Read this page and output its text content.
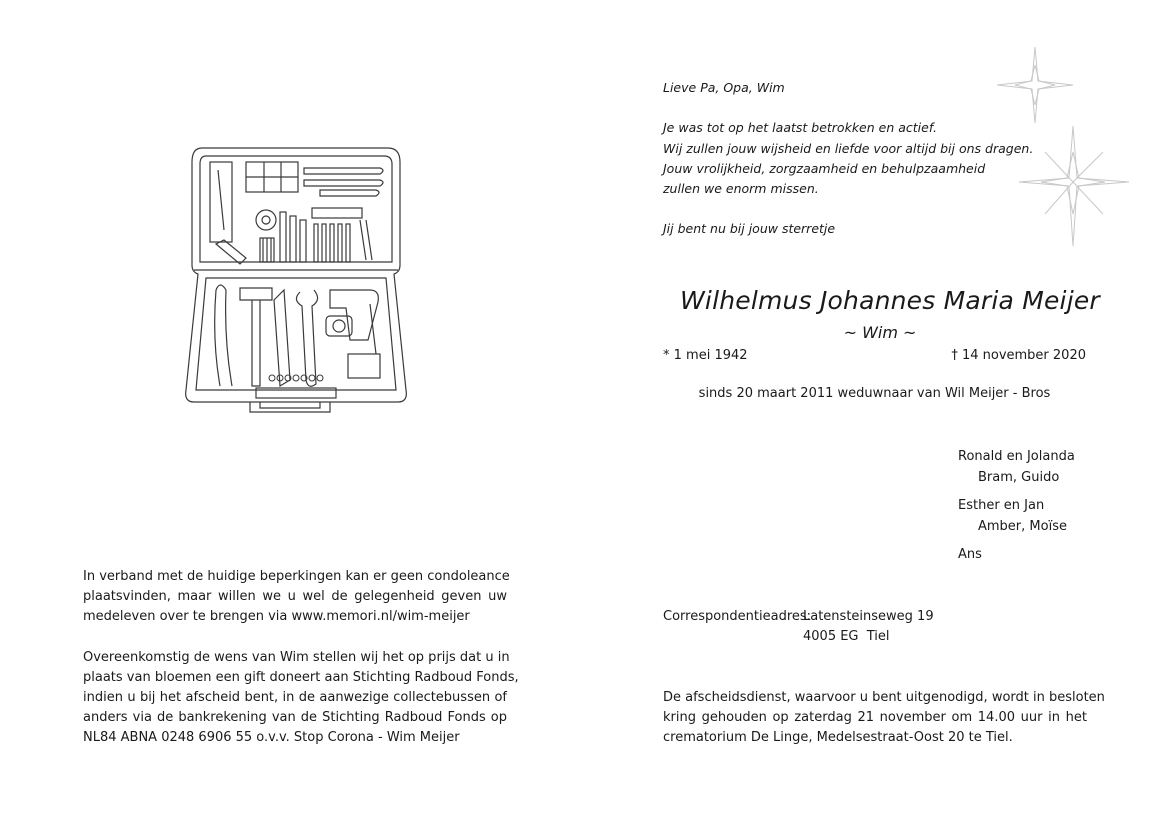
Lieve Pa, Opa, Wim
Je was tot op het laatst betrokken en actief.
Wij zullen jouw wijsheid en liefde voor altijd bij ons dragen.
Jouw vrolijkheid, zorgzaamheid en behulpzaamheid
zullen we enorm missen.
Jij bent nu bij jouw sterretje
Wilhelmus Johannes Maria Meijer
~ Wim ~
* 1 mei 1942	† 14 november 2020
sinds 20 maart 2011 weduwnaar van Wil Meijer - Bros
Ronald en Jolanda
Bram, Guido
Esther en Jan
Amber, Moïse
Ans
Correspondentieadres:
Latensteinseweg 19
4005 EG  Tiel
De afscheidsdienst, waarvoor u bent uitgenodigd, wordt in besloten
kring gehouden op zaterdag 21 november om 14.00 uur in het
crematorium De Linge, Medelsestraat-Oost 20 te Tiel.
In verband met de huidige beperkingen kan er geen condoleance
plaatsvinden, maar willen we u wel de gelegenheid geven uw
medeleven over te brengen via www.memori.nl/wim-meijer
Overeenkomstig de wens van Wim stellen wij het op prijs dat u in
plaats van bloemen een gift doneert aan Stichting Radboud Fonds,
indien u bij het afscheid bent, in de aanwezige collectebussen of
anders via de bankrekening van de Stichting Radboud Fonds op
NL84 ABNA 0248 6906 55 o.v.v. Stop Corona - Wim Meijer
